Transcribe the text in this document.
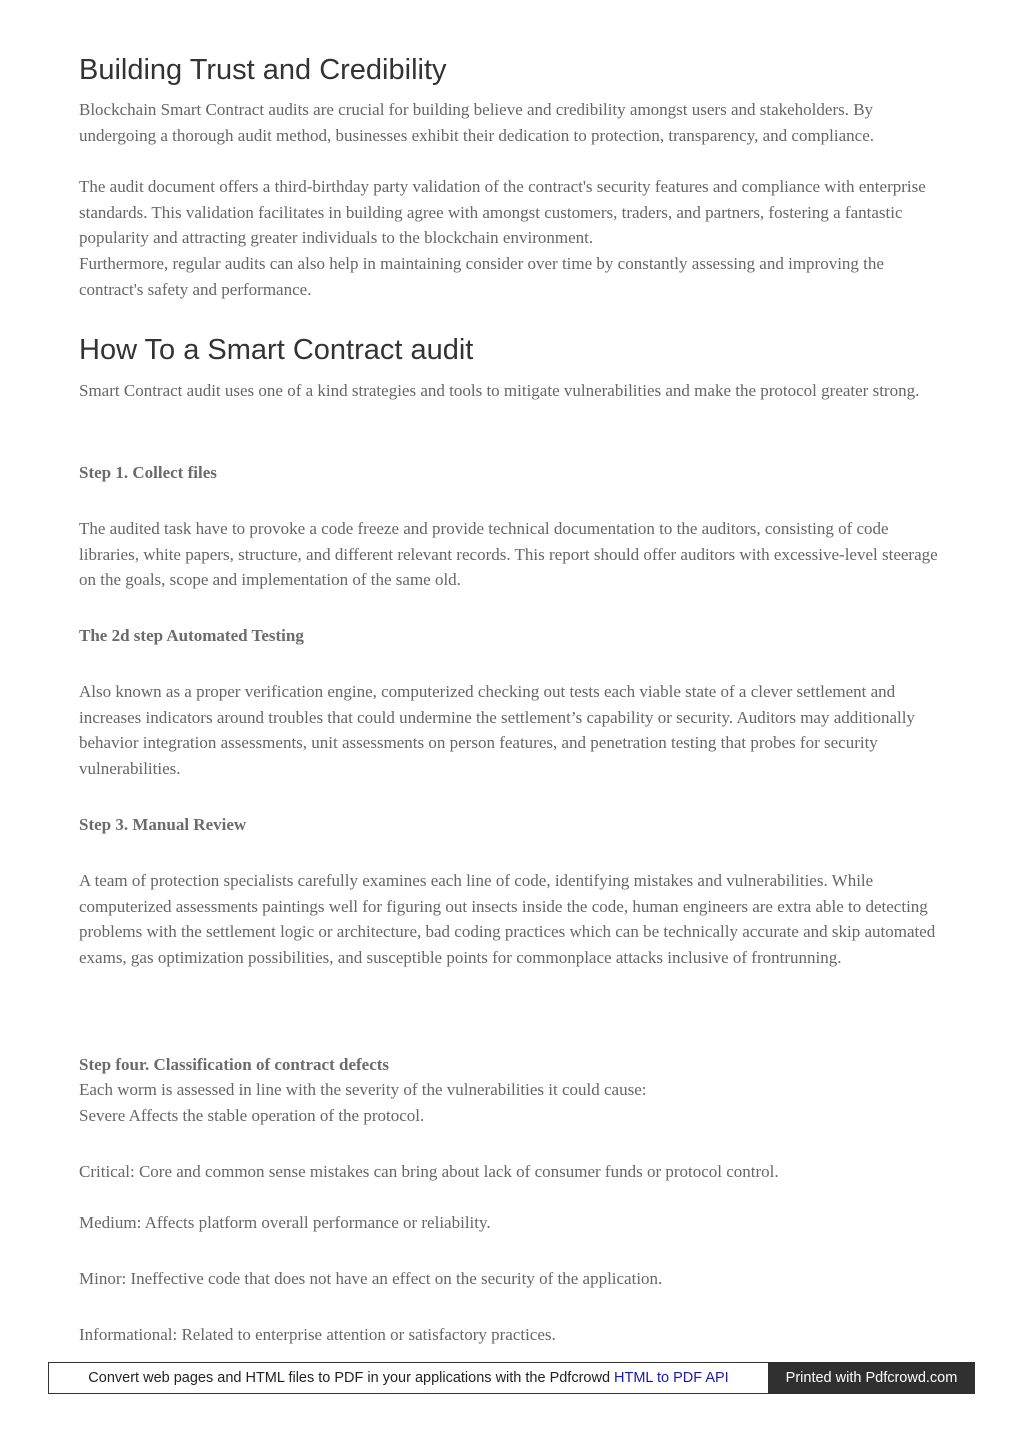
Building Trust and Credibility

Blockchain Smart Contract audits are crucial for building believe and credibility amongst users and stakeholders. By undergoing a thorough audit method, businesses exhibit their dedication to protection, transparency, and compliance.

The audit document offers a third-birthday party validation of the contract's security features and compliance with enterprise standards. This validation facilitates in building agree with amongst customers, traders, and partners, fostering a fantastic popularity and attracting greater individuals to the blockchain environment.

Furthermore, regular audits can also help in maintaining consider over time by constantly assessing and improving the contract's safety and performance.

How To a Smart Contract audit

Smart Contract audit uses one of a kind strategies and tools to mitigate vulnerabilities and make the protocol greater strong.

Step 1. Collect files

The audited task have to provoke a code freeze and provide technical documentation to the auditors, consisting of code libraries, white papers, structure, and different relevant records. This report should offer auditors with excessive-level steerage on the goals, scope and implementation of the same old.

The 2d step Automated Testing

Also known as a proper verification engine, computerized checking out tests each viable state of a clever settlement and increases indicators around troubles that could undermine the settlement’s capability or security. Auditors may additionally behavior integration assessments, unit assessments on person features, and penetration testing that probes for security vulnerabilities.

Step 3. Manual Review

A team of protection specialists carefully examines each line of code, identifying mistakes and vulnerabilities. While computerized assessments paintings well for figuring out insects inside the code, human engineers are extra able to detecting problems with the settlement logic or architecture, bad coding practices which can be technically accurate and skip automated exams, gas optimization possibilities, and susceptible points for commonplace attacks inclusive of frontrunning.

Step four. Classification of contract defects

Each worm is assessed in line with the severity of the vulnerabilities it could cause:

Severe Affects the stable operation of the protocol.

Critical: Core and common sense mistakes can bring about lack of consumer funds or protocol control.

Medium: Affects platform overall performance or reliability.

Minor: Ineffective code that does not have an effect on the security of the application.

Informational: Related to enterprise attention or satisfactory practices.

Convert web pages and HTML files to PDF in your applications with the Pdfcrowd HTML to PDF API	Printed with Pdfcrowd.com
